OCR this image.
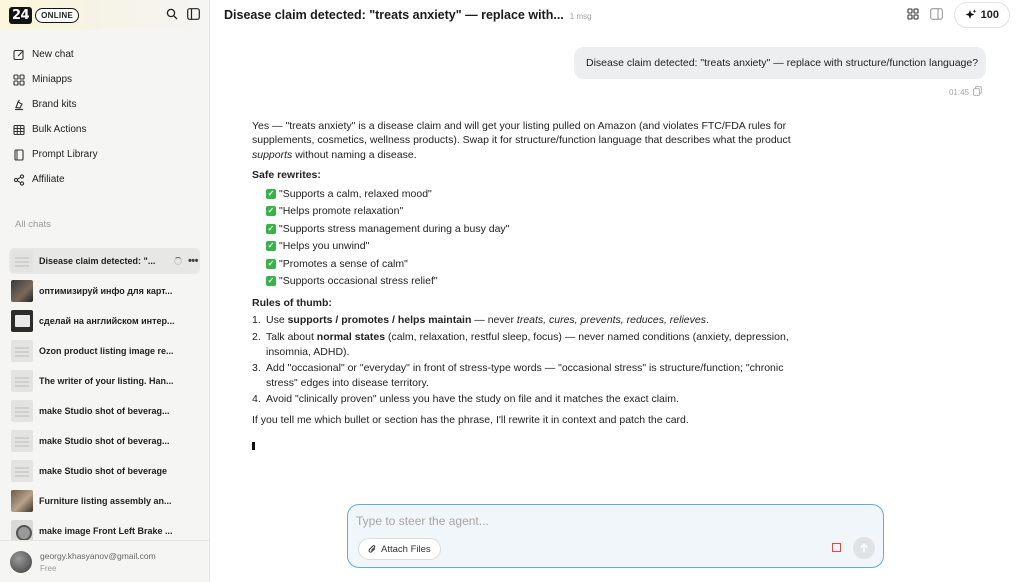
24	ONLINE
New chat
Miniapps
Brand kits
Bulk Actions
Prompt Library
Affiliate
All chats
Disease claim detected: "...	•••
оптимизируй инфо для карт...
сделай на английском интер...
Ozon product listing image re...
The writer of your listing. Han...
make Studio shot of beverag...
make Studio shot of beverag...
make Studio shot of beverage
Furniture listing assembly an...
make image Front Left Brake ...
georgy.khasyanov@gmail.com
Free
Disease claim detected: "treats anxiety" — replace with... 1 msg	100
Disease claim detected: "treats anxiety" — replace with structure/function language?
01:45

Yes — "treats anxiety" is a disease claim and will get your listing pulled on Amazon (and violates FTC/FDA rules for supplements, cosmetics, wellness products). Swap it for structure/function language that describes what the product supports without naming a disease.

Safe rewrites:
✓ "Supports a calm, relaxed mood"
✓ "Helps promote relaxation"
✓ "Supports stress management during a busy day"
✓ "Helps you unwind"
✓ "Promotes a sense of calm"
✓ "Supports occasional stress relief"
Rules of thumb:
1. Use supports / promotes / helps maintain — never treats, cures, prevents, reduces, relieves.
2. Talk about normal states (calm, relaxation, restful sleep, focus) — never named conditions (anxiety, depression, insomnia, ADHD).
3. Add "occasional" or "everyday" in front of stress-type words — "occasional stress" is structure/function; "chronic stress" edges into disease territory.
4. Avoid "clinically proven" unless you have the study on file and it matches the exact claim.

If you tell me which bullet or section has the phrase, I'll rewrite it in context and patch the card.

Type to steer the agent...
Attach Files
